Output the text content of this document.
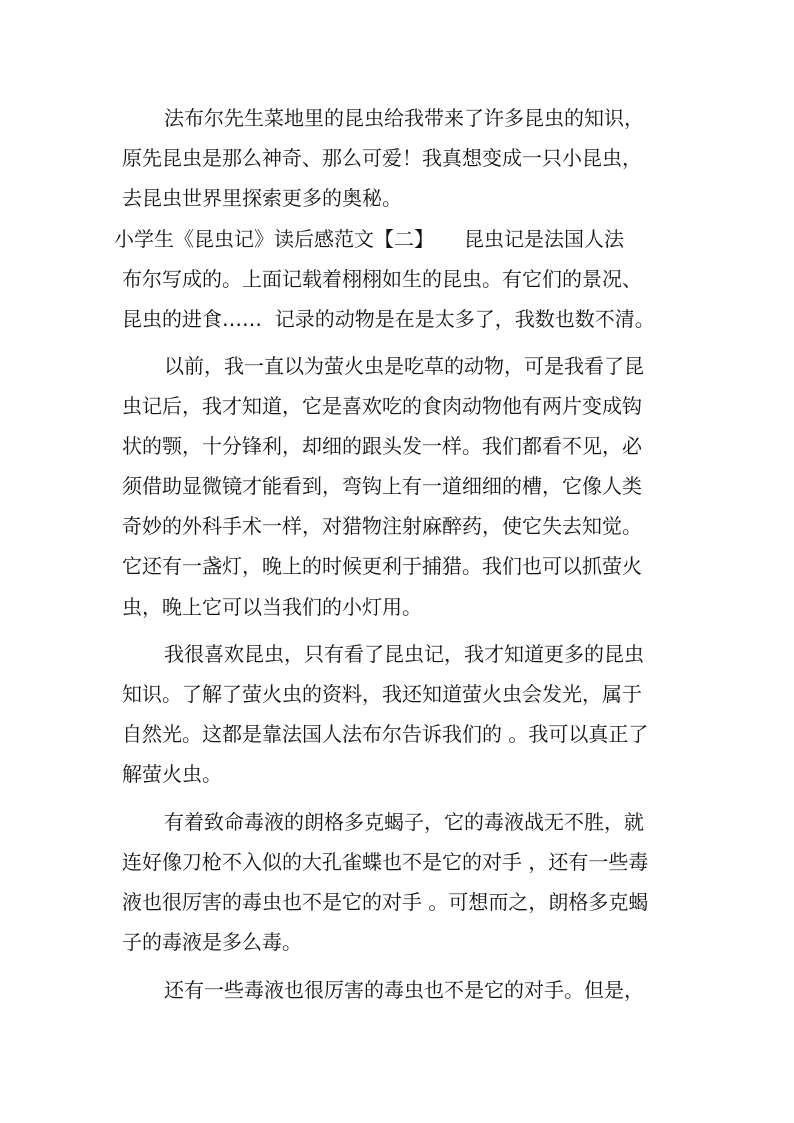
法布尔先生菜地里的昆虫给我带来了许多昆虫的知识，
原先昆虫是那么神奇、那么可爱！我真想变成一只小昆虫，
去昆虫世界里探索更多的奥秘。
小学生《昆虫记》读后感范文【二】　　昆虫记是法国人法
布尔写成的。上面记载着栩栩如生的昆虫。有它们的景况、
昆虫的进食……  记录的动物是在是太多了，我数也数不清。
以前，我一直以为萤火虫是吃草的动物，可是我看了昆
虫记后，我才知道，它是喜欢吃的食肉动物他有两片变成钩
状的颚，十分锋利，却细的跟头发一样。我们都看不见，必
须借助显微镜才能看到，弯钩上有一道细细的槽，它像人类
奇妙的外科手术一样，对猎物注射麻醉药，使它失去知觉。
它还有一盏灯，晚上的时候更利于捕猎。我们也可以抓萤火
虫，晚上它可以当我们的小灯用。
我很喜欢昆虫，只有看了昆虫记，我才知道更多的昆虫
知识。了解了萤火虫的资料，我还知道萤火虫会发光，属于
自然光。这都是靠法国人法布尔告诉我们的 。我可以真正了
解萤火虫。
有着致命毒液的朗格多克蝎子，它的毒液战无不胜，就
连好像刀枪不入似的大孔雀蝶也不是它的对手 ，还有一些毒
液也很厉害的毒虫也不是它的对手 。可想而之，朗格多克蝎
子的毒液是多么毒。
还有一些毒液也很厉害的毒虫也不是它的对手。但是，
